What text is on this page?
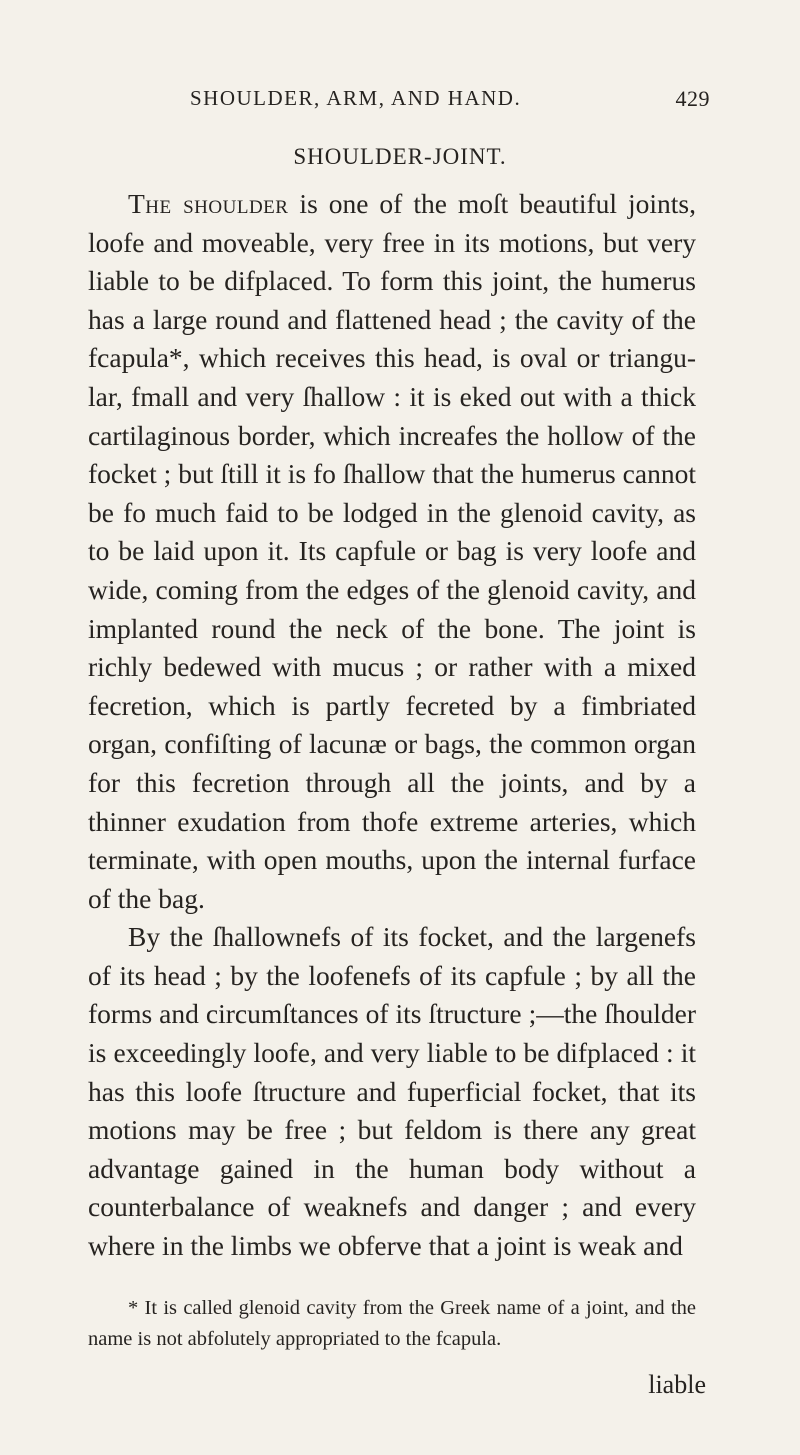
SHOULDER, ARM, AND HAND.	429
SHOULDER-JOINT.

The shoulder is one of the moſt beautiful joints, loofe and moveable, very free in its motions, but very liable to be difplaced. To form this joint, the humerus has a large round and flattened head ; the cavity of the fcapula*, which receives this head, is oval or triangular, fmall and very ſhallow : it is eked out with a thick cartilaginous border, which increafes the hollow of the focket ; but ſtill it is fo ſhallow that the humerus cannot be fo much faid to be lodged in the glenoid cavity, as to be laid upon it. Its capfule or bag is very loofe and wide, coming from the edges of the glenoid cavity, and implanted round the neck of the bone. The joint is richly bedewed with mucus ; or rather with a mixed fecretion, which is partly fecreted by a fimbriated organ, confiſting of lacunæ or bags, the common organ for this fecretion through all the joints, and by a thinner exudation from thofe extreme arteries, which terminate, with open mouths, upon the internal furface of the bag.

By the ſhallownefs of its focket, and the largenefs of its head ; by the loofenefs of its capfule ; by all the forms and circumſtances of its ſtructure ;—the ſhoulder is exceedingly loofe, and very liable to be difplaced : it has this loofe ſtructure and fuperficial focket, that its motions may be free ; but feldom is there any great advantage gained in the human body without a counterbalance of weaknefs and danger ; and every where in the limbs we obferve that a joint is weak and

* It is called glenoid cavity from the Greek name of a joint, and the name is not abfolutely appropriated to the fcapula.

liable
